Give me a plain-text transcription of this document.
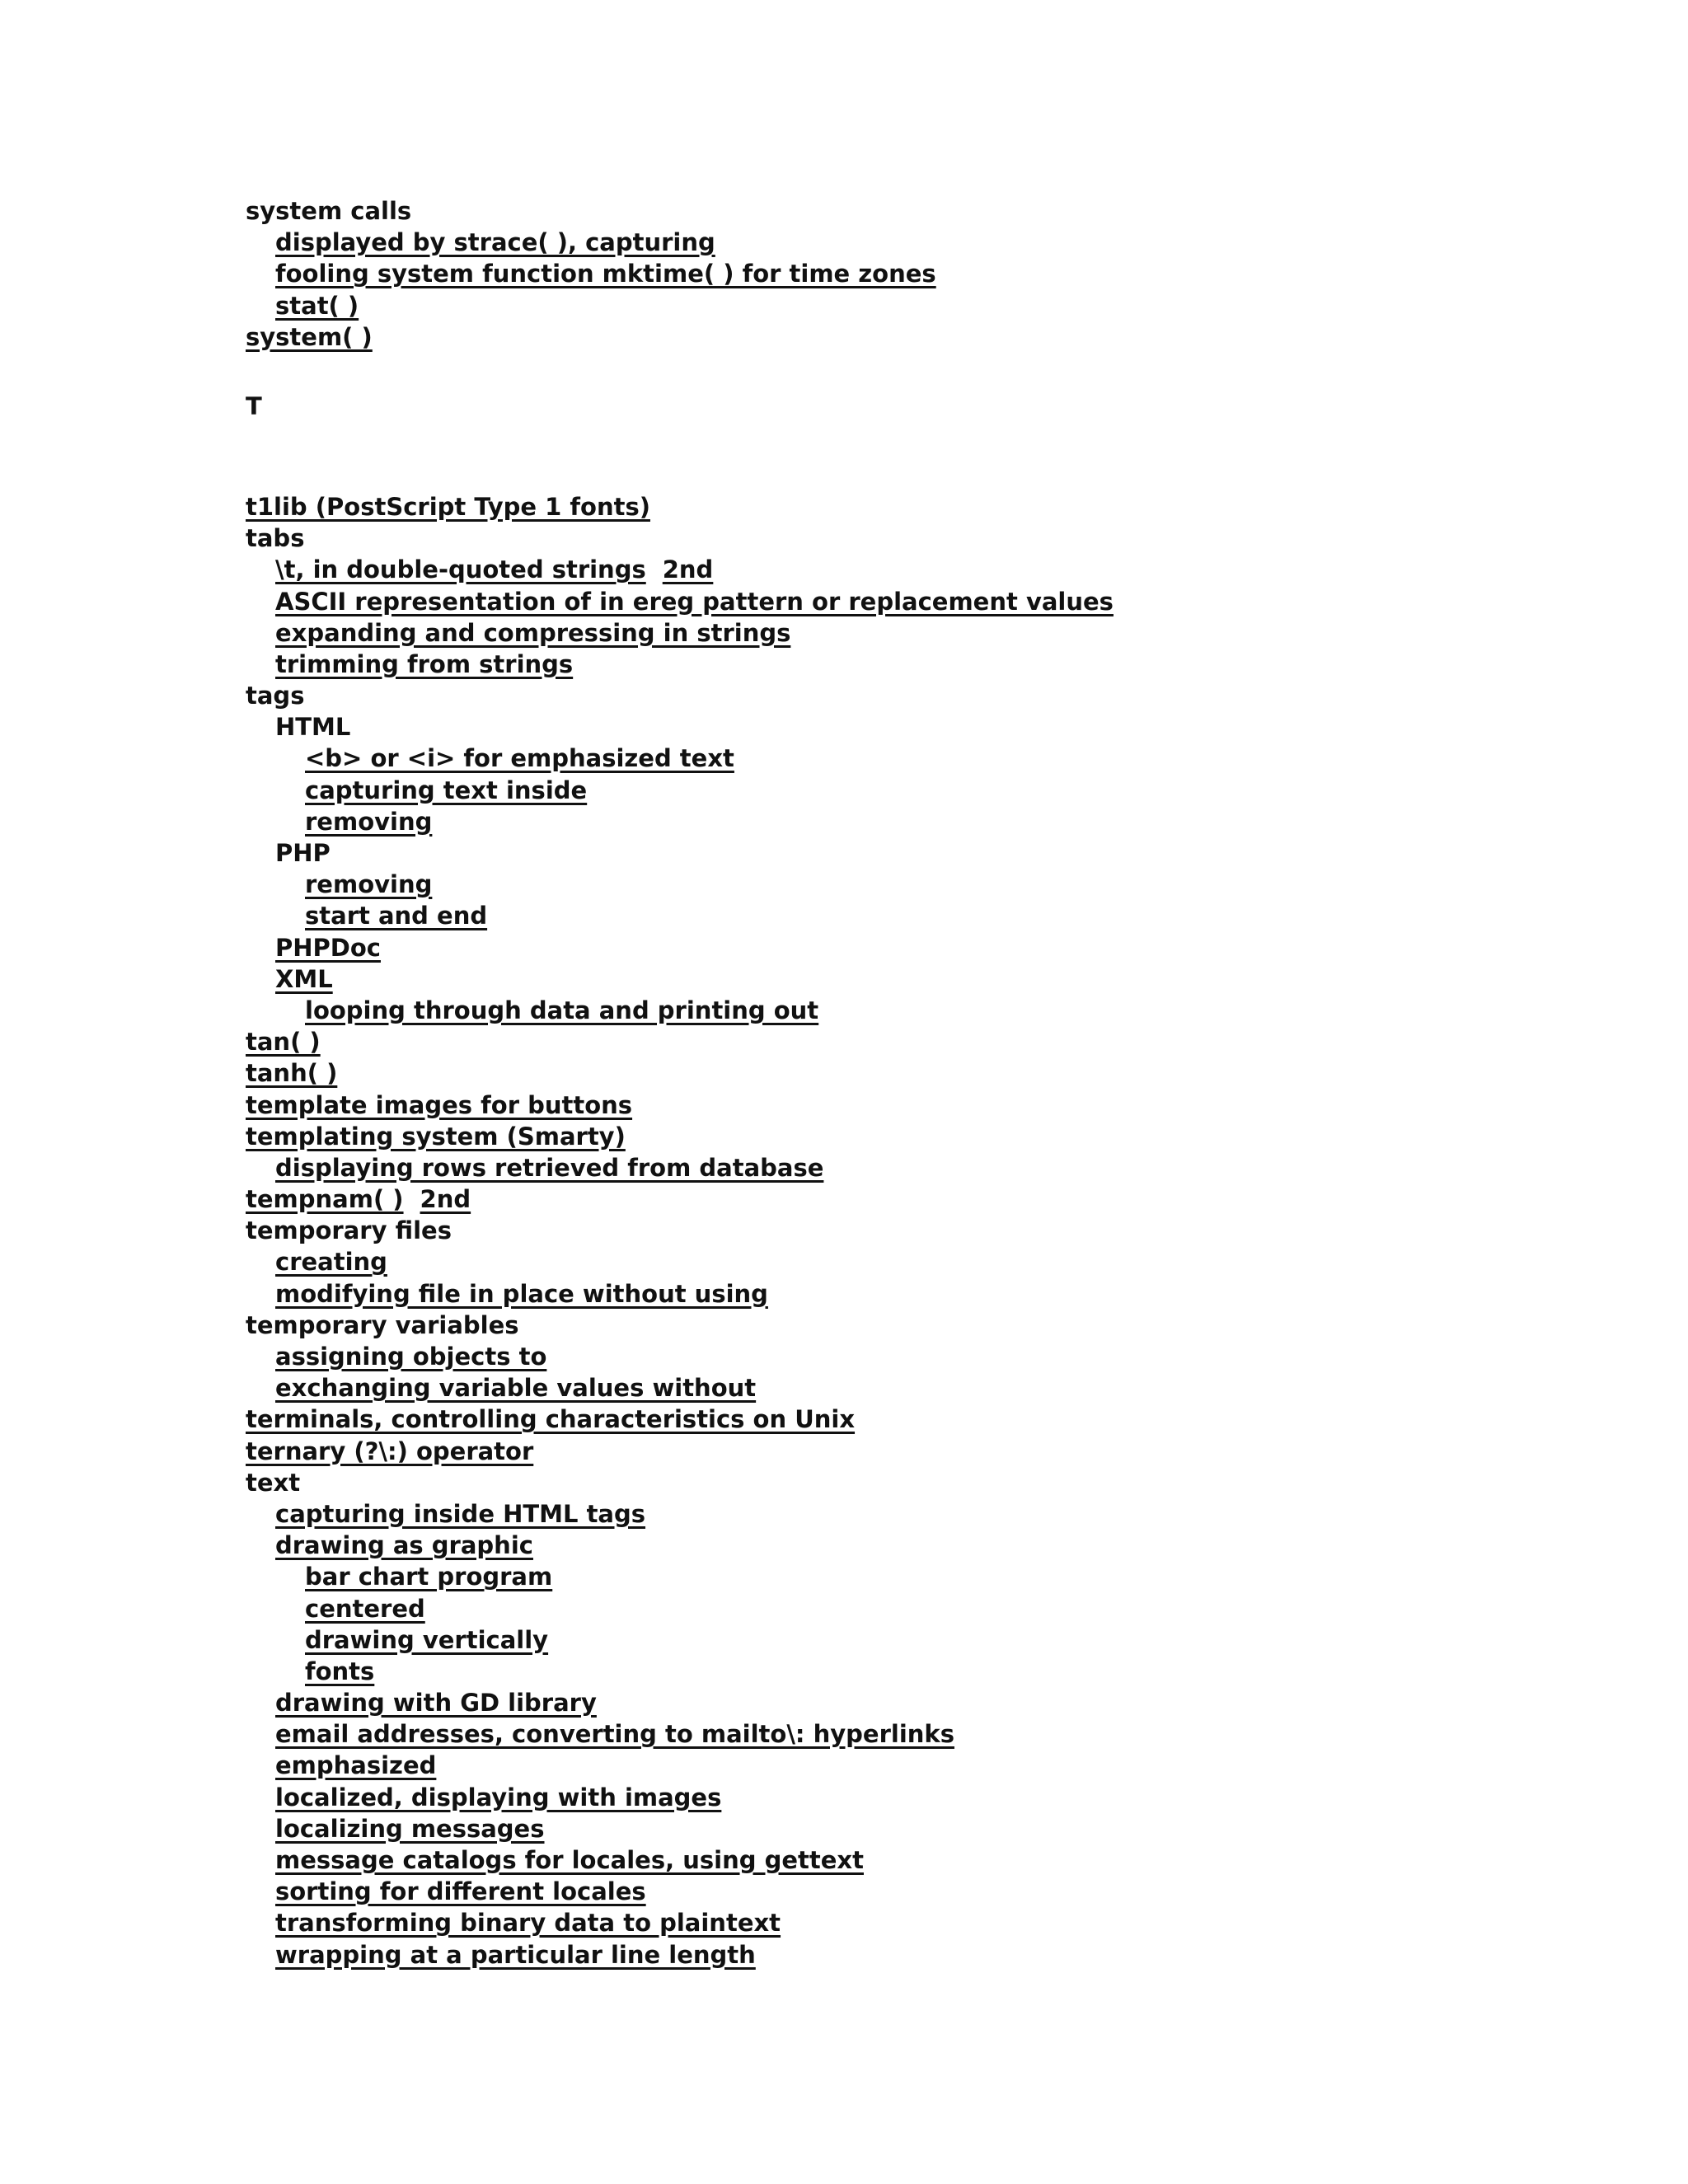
system calls
displayed by strace( ), capturing
fooling system function mktime( ) for time zones
stat( )
system( )
T
t1lib (PostScript Type 1 fonts)
tabs
\t, in double-quoted strings 2nd
ASCII representation of in ereg pattern or replacement values
expanding and compressing in strings
trimming from strings
tags
HTML
<b> or <i> for emphasized text
capturing text inside
removing
PHP
removing
start and end
PHPDoc
XML
looping through data and printing out
tan( )
tanh( )
template images for buttons
templating system (Smarty)
displaying rows retrieved from database
tempnam( ) 2nd
temporary files
creating
modifying file in place without using
temporary variables
assigning objects to
exchanging variable values without
terminals, controlling characteristics on Unix
ternary (?\:) operator
text
capturing inside HTML tags
drawing as graphic
bar chart program
centered
drawing vertically
fonts
drawing with GD library
email addresses, converting to mailto\: hyperlinks
emphasized
localized, displaying with images
localizing messages
message catalogs for locales, using gettext
sorting for different locales
transforming binary data to plaintext
wrapping at a particular line length
